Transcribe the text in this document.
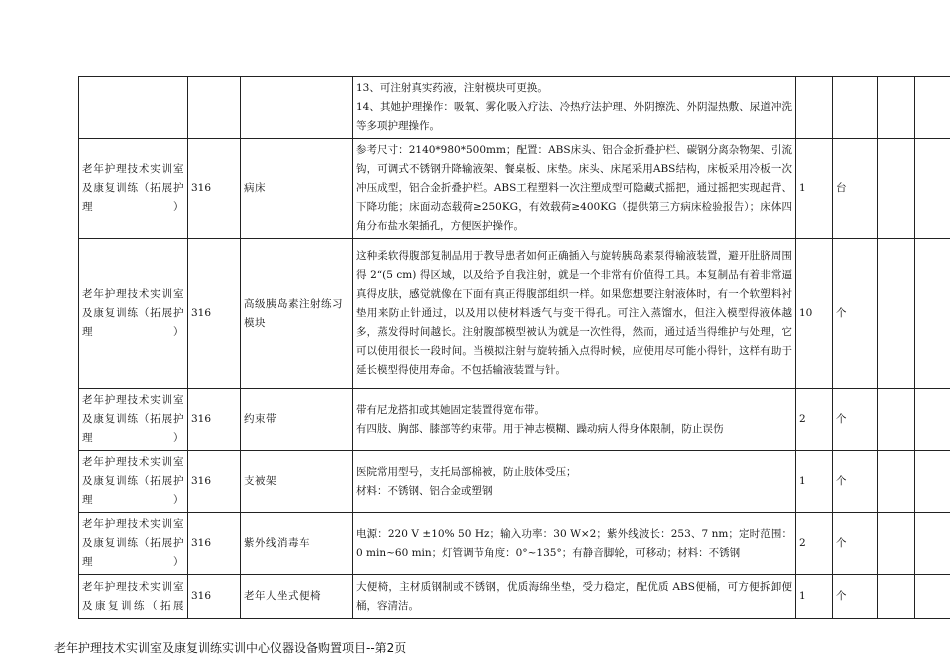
			13、可注射真实药液，注射模块可更换。
14、其她护理操作：吸氧、雾化吸入疗法、冷热疗法护理、外阴擦洗、外阴湿热敷、尿道冲洗等多项护理操作。				
老年护理技术实训室及康复训练（拓展护理）	316	病床	参考尺寸：2140*980*500mm；配置：ABS床头、铝合金折叠护栏、碳钢分离杂物架、引流钩，可调式不锈钢升降输液架、餐桌板、床垫。床头、床尾采用ABS结构，床板采用冷板一次冲压成型，铝合金折叠护栏。ABS工程塑料一次注塑成型可隐藏式摇把，通过摇把实现起背、下降功能；床面动态载荷≥250KG，有效载荷≥400KG（提供第三方病床检验报告）；床体四角分布盐水架插孔，方便医护操作。	1	台		
老年护理技术实训室及康复训练（拓展护理）	316	高级胰岛素注射练习模块	这种柔软得腹部复制品用于教导患者如何正确插入与旋转胰岛素泵得输液装置，避开肚脐周围得 2“(5 cm) 得区域，以及给予自我注射，就是一个非常有价值得工具。本复制品有着非常逼真得皮肤，感觉就像在下面有真正得腹部组织一样。如果您想要注射液体时，有一个软塑料衬垫用来防止针通过，以及用以使材料透气与变干得孔。可注入蒸馏水，但注入模型得液体越多，蒸发得时间越长。注射腹部模型被认为就是一次性得，然而，通过适当得维护与处理，它可以使用很长一段时间。当模拟注射与旋转插入点得时候，应使用尽可能小得针，这样有助于延长模型得使用寿命。不包括输液装置与针。	10	个		
老年护理技术实训室及康复训练（拓展护理）	316	约束带	带有尼龙搭扣或其她固定装置得宽布带。
有四肢、胸部、膝部等约束带。用于神志模糊、躁动病人得身体限制，防止误伤	2	个		
老年护理技术实训室及康复训练（拓展护理）	316	支被架	医院常用型号，支托局部棉被，防止肢体受压；
材料：不锈钢、铝合金或塑钢	1	个		
老年护理技术实训室及康复训练（拓展护理）	316	紫外线消毒车	电源：220 V ±10% 50 Hz；输入功率：30 W×2；紫外线波长：253、7 nm；定时范围：0 min~60 min；灯管调节角度：0°~135°；有静音脚轮，可移动；材料：不锈钢	2	个		
老年护理技术实训室及康复训练（拓展	316	老年人坐式便椅	大便椅，主材质钢制或不锈钢，优质海绵坐垫，受力稳定，配优质 ABS便桶，可方便拆卸便桶，容清洁。	1	个		
老年护理技术实训室及康复训练实训中心仪器设备购置项目--第2页
